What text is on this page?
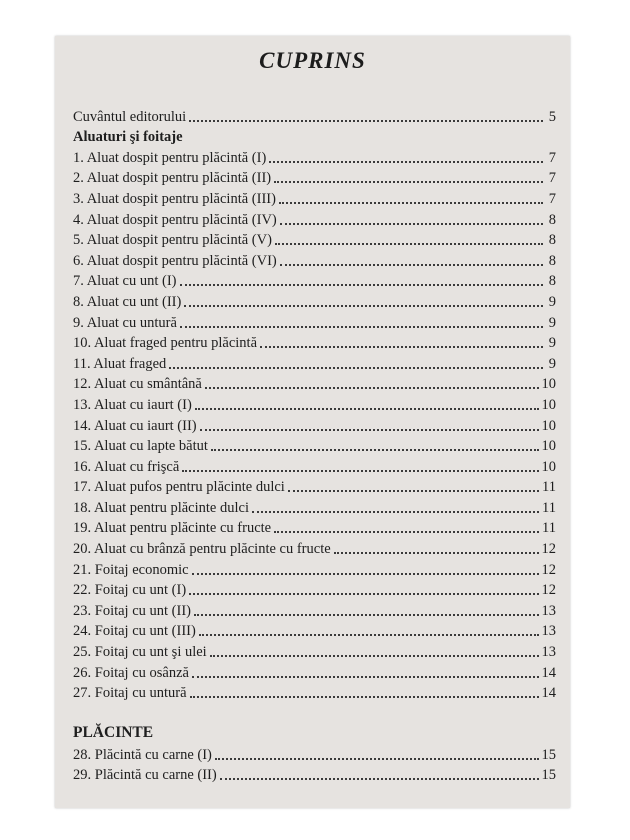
CUPRINS
Cuvântul editorului	5
Aluaturi şi foitaje
1. Aluat dospit pentru plăcintă (I)	7
2. Aluat dospit pentru plăcintă (II)	7
3. Aluat dospit pentru plăcintă (III)	7
4. Aluat dospit pentru plăcintă (IV)	8
5. Aluat dospit pentru plăcintă (V)	8
6. Aluat dospit pentru plăcintă (VI)	8
7. Aluat cu unt (I)	8
8. Aluat cu unt (II)	9
9. Aluat cu untură	9
10. Aluat fraged pentru plăcintă	9
11. Aluat fraged	9
12. Aluat cu smântână	10
13. Aluat cu iaurt (I)	10
14. Aluat cu iaurt (II)	10
15. Aluat cu lapte bătut	10
16. Aluat cu frişcă	10
17. Aluat pufos pentru plăcinte dulci	11
18. Aluat pentru plăcinte dulci	11
19. Aluat pentru plăcinte cu fructe	11
20. Aluat cu brânză pentru plăcinte cu fructe	12
21. Foitaj economic	12
22. Foitaj cu unt (I)	12
23. Foitaj cu unt (II)	13
24. Foitaj cu unt (III)	13
25. Foitaj cu unt şi ulei	13
26. Foitaj cu osânză	14
27. Foitaj cu untură	14
PLĂCINTE
28. Plăcintă cu carne (I)	15
29. Plăcintă cu carne (II)	15
